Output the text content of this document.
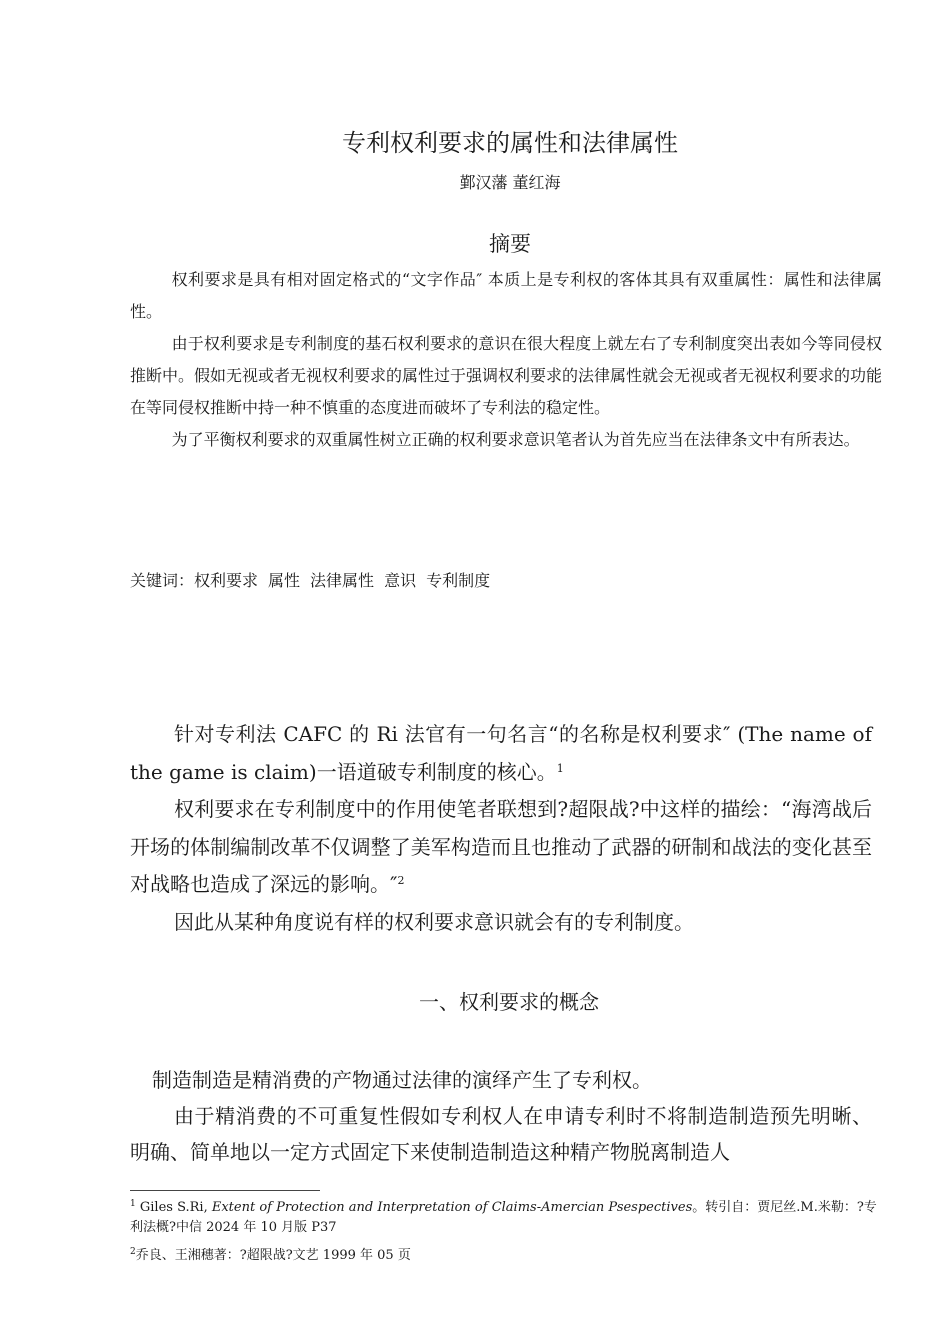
专利权利要求的属性和法律属性
鄞汉藩 董红海
摘要

权利要求是具有相对固定格式的“文字作品″ 本质上是专利权的客体其具有双重属性：属性和法律属性。

由于权利要求是专利制度的基石权利要求的意识在很大程度上就左右了专利制度突出表如今等同侵权推断中。假如无视或者无视权利要求的属性过于强调权利要求的法律属性就会无视或者无视权利要求的功能在等同侵权推断中持一种不慎重的态度进而破坏了专利法的稳定性。

为了平衡权利要求的双重属性树立正确的权利要求意识笔者认为首先应当在法律条文中有所表达。

关键词：权利要求 属性 法律属性 意识 专利制度

针对专利法 CAFC 的 Ri 法官有一句名言“的名称是权利要求″ (The name of the game is claim)一语道破专利制度的核心。$^1$

权利要求在专利制度中的作用使笔者联想到?超限战?中这样的描绘：“海湾战后开场的体制编制改革不仅调整了美军构造而且也推动了武器的研制和战法的变化甚至对战略也造成了深远的影响。″$^2$

因此从某种角度说有样的权利要求意识就会有的专利制度。

一、权利要求的概念

制造制造是精消费的产物通过法律的演绎产生了专利权。

由于精消费的不可重复性假如专利权人在申请专利时不将制造制造预先明晰、明确、简单地以一定方式固定下来使制造制造这种精产物脱离制造人

$^1$ Giles S.Ri, Extent of Protection and Interpretation of Claims-Amercian Psespectives。转引自：贾尼丝.M.米勒：?专利法概?中信 2024 年 10 月版 P37
$^2$乔良、王湘穗著：?超限战?文艺 1999 年 05 页
